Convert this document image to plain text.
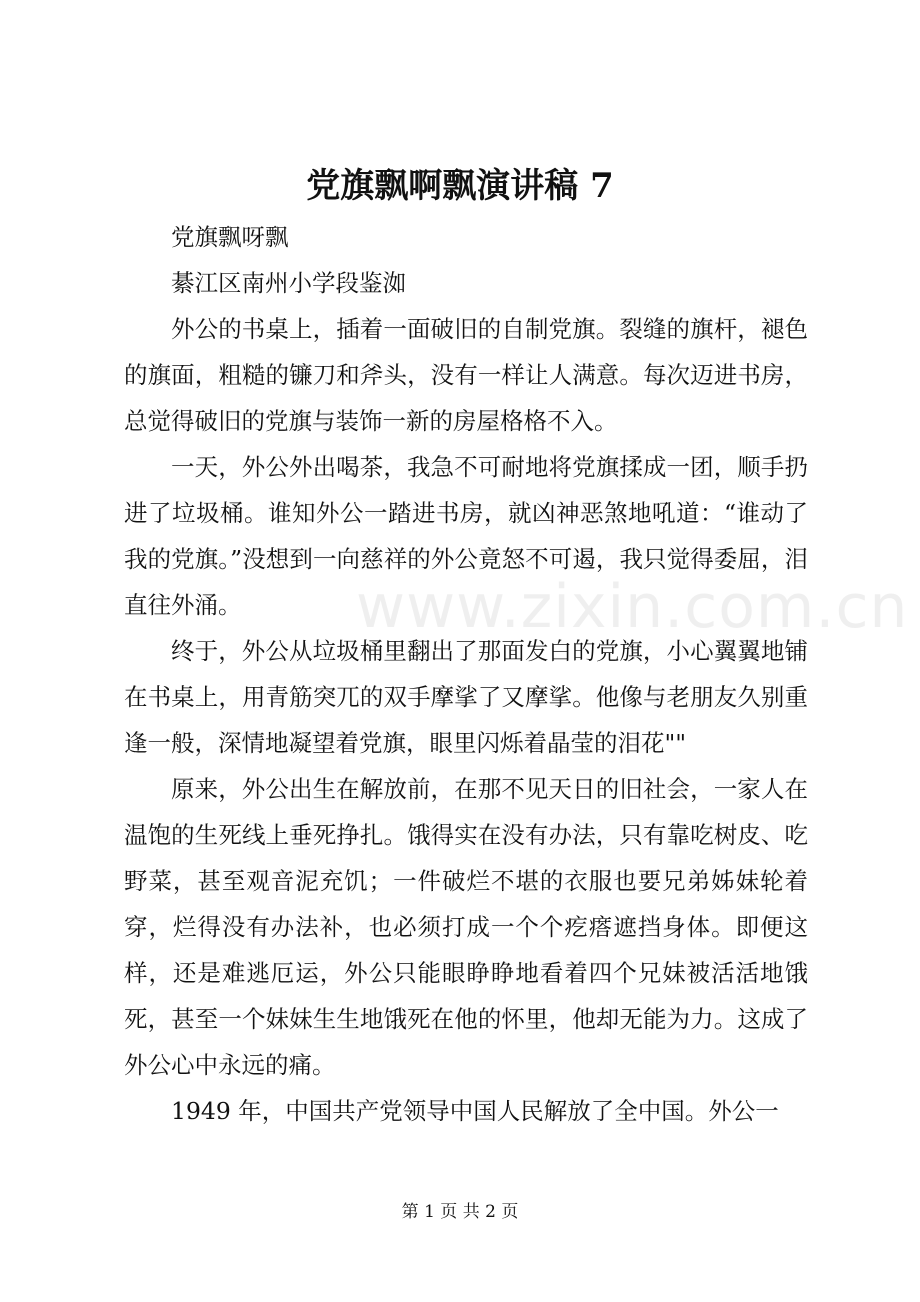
党旗飘啊飘演讲稿 7

党旗飘呀飘

綦江区南州小学段鉴洳

外公的书桌上，插着一面破旧的自制党旗。裂缝的旗杆，褪色的旗面，粗糙的镰刀和斧头，没有一样让人满意。每次迈进书房，总觉得破旧的党旗与装饰一新的房屋格格不入。

一天，外公外出喝茶，我急不可耐地将党旗揉成一团，顺手扔进了垃圾桶。谁知外公一踏进书房，就凶神恶煞地吼道：“谁动了我的党旗。”没想到一向慈祥的外公竟怒不可遏，我只觉得委屈，泪直往外涌。

终于，外公从垃圾桶里翻出了那面发白的党旗，小心翼翼地铺在书桌上，用青筋突兀的双手摩挲了又摩挲。他像与老朋友久别重逢一般，深情地凝望着党旗，眼里闪烁着晶莹的泪花""

原来，外公出生在解放前，在那不见天日的旧社会，一家人在温饱的生死线上垂死挣扎。饿得实在没有办法，只有靠吃树皮、吃野菜，甚至观音泥充饥；一件破烂不堪的衣服也要兄弟姊妹轮着穿，烂得没有办法补，也必须打成一个个疙瘩遮挡身体。即便这样，还是难逃厄运，外公只能眼睁睁地看着四个兄妹被活活地饿死，甚至一个妹妹生生地饿死在他的怀里，他却无能为力。这成了外公心中永远的痛。

1949 年，中国共产党领导中国人民解放了全中国。外公一

www.zixin.com.cn
第 1 页 共 2 页
